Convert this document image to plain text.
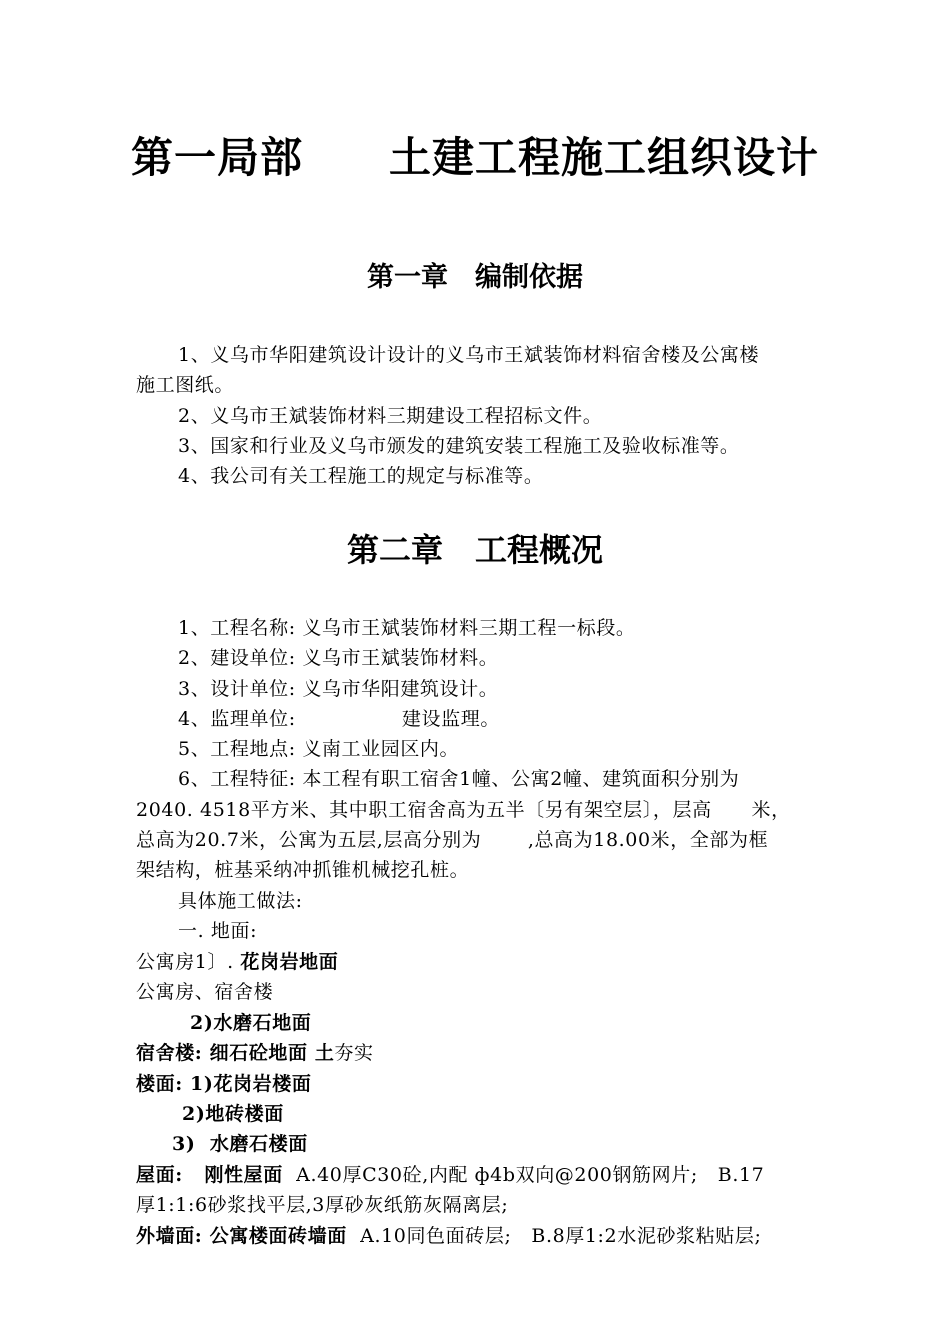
第一局部　　土建工程施工组织设计
第一章　编制依据
1、义乌市华阳建筑设计设计的义乌市王斌装饰材料宿舍楼及公寓楼
施工图纸。
2、义乌市王斌装饰材料三期建设工程招标文件。
3、国家和行业及义乌市颁发的建筑安装工程施工及验收标准等。
4、我公司有关工程施工的规定与标准等。
第二章　工程概况
1、工程名称: 义乌市王斌装饰材料三期工程一标段。
2、建设单位: 义乌市王斌装饰材料。
3、设计单位: 义乌市华阳建筑设计。
4、监理单位:                建设监理。
5、工程地点: 义南工业园区内。
6、工程特征: 本工程有职工宿舍1幢、公寓2幢、建筑面积分别为
2040. 4518平方米、其中职工宿舍高为五半〔另有架空层〕，层高      米，
总高为20.7米，公寓为五层,层高分别为       ,总高为18.00米，全部为框
架结构，桩基采纳冲抓锥机械挖孔桩。
具体施工做法:
一. 地面:
公寓房1〕. 花岗岩地面
公寓房、宿舍楼
2)水磨石地面
宿舍楼: 细石砼地面 土夯实
楼面: 1)花岗岩楼面
2)地砖楼面
3)  水磨石楼面
屋面:   刚性屋面  A.40厚C30砼,内配 ф4b双向@200钢筋网片;   B.17
厚1:1:6砂浆找平层,3厚砂灰纸筋灰隔离层;
外墙面: 公寓楼面砖墙面  A.10同色面砖层;   B.8厚1:2水泥砂浆粘贴层;
